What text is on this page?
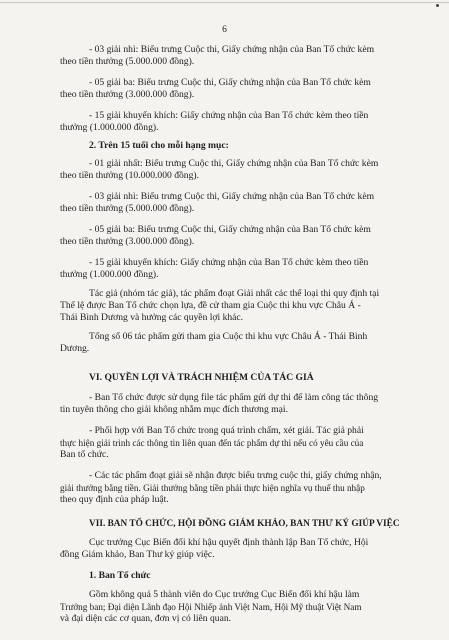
6
- 03 giải nhì: Biểu trưng Cuộc thi, Giấy chứng nhận của Ban Tổ chức kèm
theo tiền thưởng (5.000.000 đồng).
- 05 giải ba: Biểu trưng Cuộc thi, Giấy chứng nhận của Ban Tổ chức kèm
theo tiền thưởng (3.000.000 đồng).
- 15 giải khuyến khích: Giấy chứng nhận của Ban Tổ chức kèm theo tiền
thưởng (1.000.000 đồng).
2. Trên 15 tuổi cho mỗi hạng mục:
- 01 giải nhất: Biểu trưng Cuộc thi, Giấy chứng nhận của Ban Tổ chức kèm
theo tiền thưởng (10.000.000 đồng).
- 03 giải nhì: Biểu trưng Cuộc thi, Giấy chứng nhận của Ban Tổ chức kèm
theo tiền thưởng (5.000.000 đồng).
- 05 giải ba: Biểu trưng Cuộc thi, Giấy chứng nhận của Ban Tổ chức kèm
theo tiền thưởng (3.000.000 đồng).
- 15 giải khuyến khích: Giấy chứng nhận của Ban Tổ chức kèm theo tiền
thưởng (1.000.000 đồng).
Tác giả (nhóm tác giả), tác phẩm đoạt Giải nhất các thể loại thi quy định tại
Thể lệ được Ban Tổ chức chọn lựa, đề cử tham gia Cuộc thi khu vực Châu Á -
Thái Bình Dương và hưởng các quyền lợi khác.
Tổng số 06 tác phẩm gửi tham gia Cuộc thi khu vực Châu Á - Thái Bình
Dương.
VI. QUYỀN LỢI VÀ TRÁCH NHIỆM CỦA TÁC GIẢ
- Ban Tổ chức được sử dụng file tác phẩm gửi dự thi để làm công tác thông
tin tuyên thông cho giải không nhằm mục đích thương mại.
- Phối hợp với Ban Tổ chức trong quá trình chấm, xét giải. Tác giả phải
thực hiện giải trình các thông tin liên quan đến tác phẩm dự thi nếu có yêu cầu của
Ban tổ chức.
- Các tác phẩm đoạt giải sẽ nhận được biểu trưng cuộc thi, giấy chứng nhận,
giải thưởng bằng tiền. Giải thưởng bằng tiền phải thực hiện nghĩa vụ thuế thu nhập
theo quy định của pháp luật.
VII. BAN TỔ CHỨC, HỘI ĐỒNG GIÁM KHẢO, BAN THƯ KÝ GIÚP VIỆC
Cục trưởng Cục Biến đổi khí hậu quyết định thành lập Ban Tổ chức, Hội
đồng Giám khảo, Ban Thư ký giúp việc.
1. Ban Tổ chức
Gồm không quá 5 thành viên do Cục trưởng Cục Biến đổi khí hậu làm
Trưởng ban; Đại diện Lãnh đạo Hội Nhiếp ảnh Việt Nam, Hội Mỹ thuật Việt Nam
và đại diện các cơ quan, đơn vị có liên quan.
